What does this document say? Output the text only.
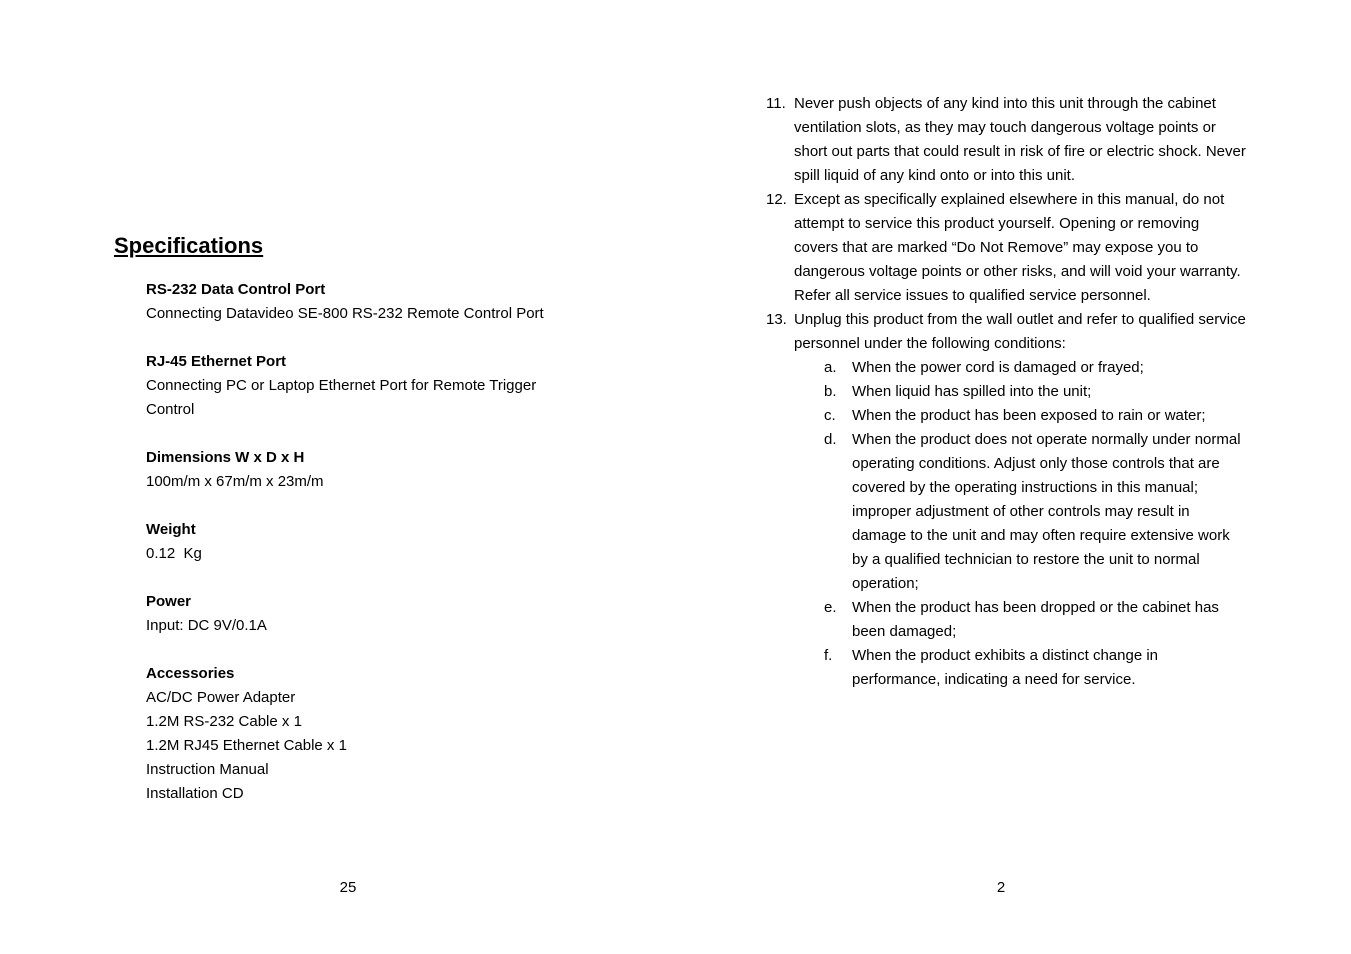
Specifications
RS-232 Data Control Port
Connecting Datavideo SE-800 RS-232 Remote Control Port
RJ-45 Ethernet Port
Connecting PC or Laptop Ethernet Port for Remote Trigger
Control
Dimensions W x D x H
100m/m x 67m/m x 23m/m
Weight
0.12  Kg
Power
Input: DC 9V/0.1A
Accessories
AC/DC Power Adapter
1.2M RS-232 Cable x 1
1.2M RJ45 Ethernet Cable x 1
Instruction Manual
Installation CD
25
11. Never push objects of any kind into this unit through the cabinet ventilation slots, as they may touch dangerous voltage points or short out parts that could result in risk of fire or electric shock. Never spill liquid of any kind onto or into this unit.
12. Except as specifically explained elsewhere in this manual, do not attempt to service this product yourself. Opening or removing covers that are marked “Do Not Remove” may expose you to dangerous voltage points or other risks, and will void your warranty. Refer all service issues to qualified service personnel.
13. Unplug this product from the wall outlet and refer to qualified service personnel under the following conditions:
a. When the power cord is damaged or frayed;
b. When liquid has spilled into the unit;
c. When the product has been exposed to rain or water;
d. When the product does not operate normally under normal operating conditions. Adjust only those controls that are covered by the operating instructions in this manual; improper adjustment of other controls may result in damage to the unit and may often require extensive work by a qualified technician to restore the unit to normal operation;
e. When the product has been dropped or the cabinet has been damaged;
f. When the product exhibits a distinct change in performance, indicating a need for service.
2
